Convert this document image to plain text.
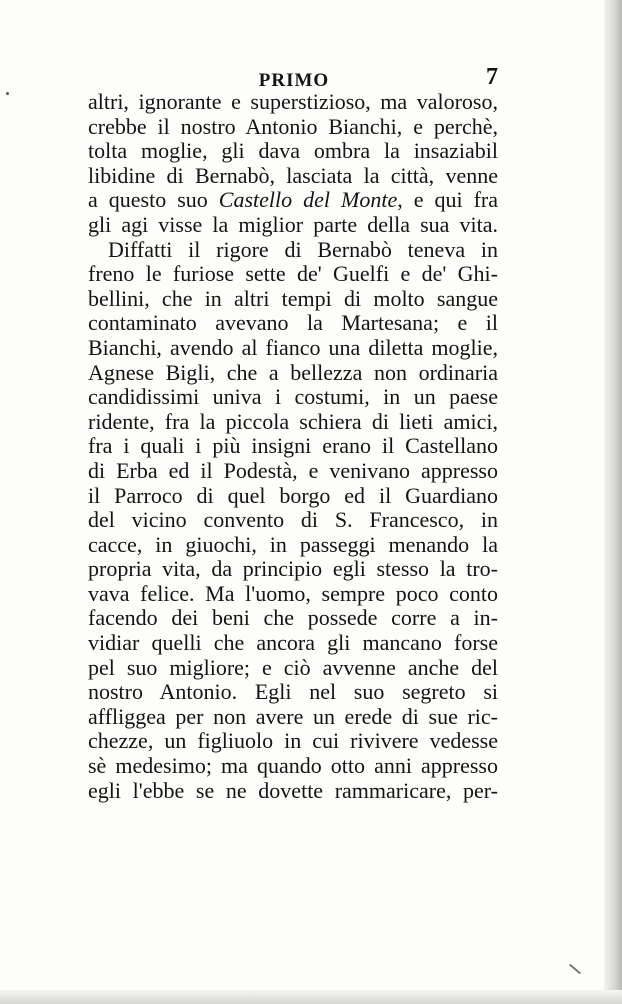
PRIMO	7
altri, ignorante e superstizioso, ma valoroso,
crebbe il nostro Antonio Bianchi, e perchè,
tolta moglie, gli dava ombra la insaziabil
libidine di Bernabò, lasciata la città, venne
a questo suo Castello del Monte, e qui fra
gli agi visse la miglior parte della sua vita.
Diffatti il rigore di Bernabò teneva in
freno le furiose sette de' Guelfi e de' Ghi-
bellini, che in altri tempi di molto sangue
contaminato avevano la Martesana; e il
Bianchi, avendo al fianco una diletta moglie,
Agnese Bigli, che a bellezza non ordinaria
candidissimi univa i costumi, in un paese
ridente, fra la piccola schiera di lieti amici,
fra i quali i più insigni erano il Castellano
di Erba ed il Podestà, e venivano appresso
il Parroco di quel borgo ed il Guardiano
del vicino convento di S. Francesco, in
cacce, in giuochi, in passeggi menando la
propria vita, da principio egli stesso la tro-
vava felice. Ma l'uomo, sempre poco conto
facendo dei beni che possede corre a in-
vidiar quelli che ancora gli mancano forse
pel suo migliore; e ciò avvenne anche del
nostro Antonio. Egli nel suo segreto si
affliggea per non avere un erede di sue ric-
chezze, un figliuolo in cui rivivere vedesse
sè medesimo; ma quando otto anni appresso
egli l'ebbe se ne dovette rammaricare, per-
